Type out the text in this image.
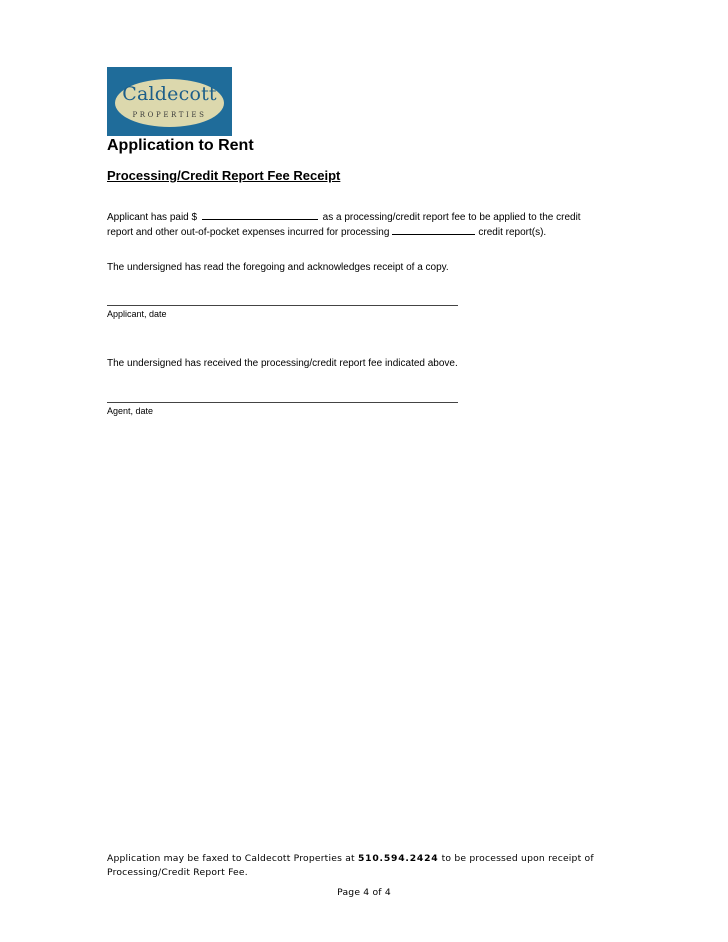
Caldecott
PROPERTIES
Application to Rent
Processing/Credit Report Fee Receipt
Applicant has paid $	as a processing/credit report fee to be applied to the credit
report and other out-of-pocket expenses incurred for processing	credit report(s).
The undersigned has read the foregoing and acknowledges receipt of a copy.
Applicant, date
The undersigned has received the processing/credit report fee indicated above.
Agent, date
Application may be faxed to Caldecott Properties at 510.594.2424 to be processed upon receipt of
Processing/Credit Report Fee.
Page 4 of 4
